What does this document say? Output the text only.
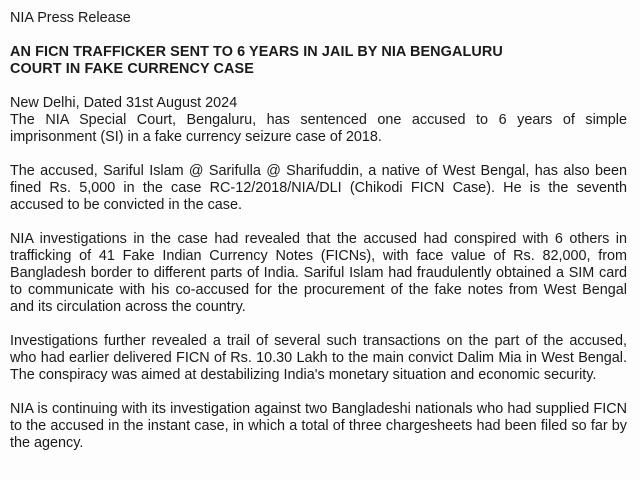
NIA Press Release
AN FICN TRAFFICKER SENT TO 6 YEARS IN JAIL BY NIA BENGALURU
COURT IN FAKE CURRENCY CASE
New Delhi, Dated 31st August 2024

The NIA Special Court, Bengaluru, has sentenced one accused to 6 years of simple imprisonment (SI) in a fake currency seizure case of 2018.

The accused, Sariful Islam @ Sarifulla @ Sharifuddin, a native of West Bengal, has also been fined Rs. 5,000 in the case RC-12/2018/NIA/DLI (Chikodi FICN Case). He is the seventh accused to be convicted in the case.

NIA investigations in the case had revealed that the accused had conspired with 6 others in trafficking of 41 Fake Indian Currency Notes (FICNs), with face value of Rs. 82,000, from Bangladesh border to different parts of India. Sariful Islam had fraudulently obtained a SIM card to communicate with his co-accused for the procurement of the fake notes from West Bengal and its circulation across the country.

Investigations further revealed a trail of several such transactions on the part of the accused, who had earlier delivered FICN of Rs. 10.30 Lakh to the main convict Dalim Mia in West Bengal. The conspiracy was aimed at destabilizing India's monetary situation and economic security.

NIA is continuing with its investigation against two Bangladeshi nationals who had supplied FICN to the accused in the instant case, in which a total of three chargesheets had been filed so far by the agency.
